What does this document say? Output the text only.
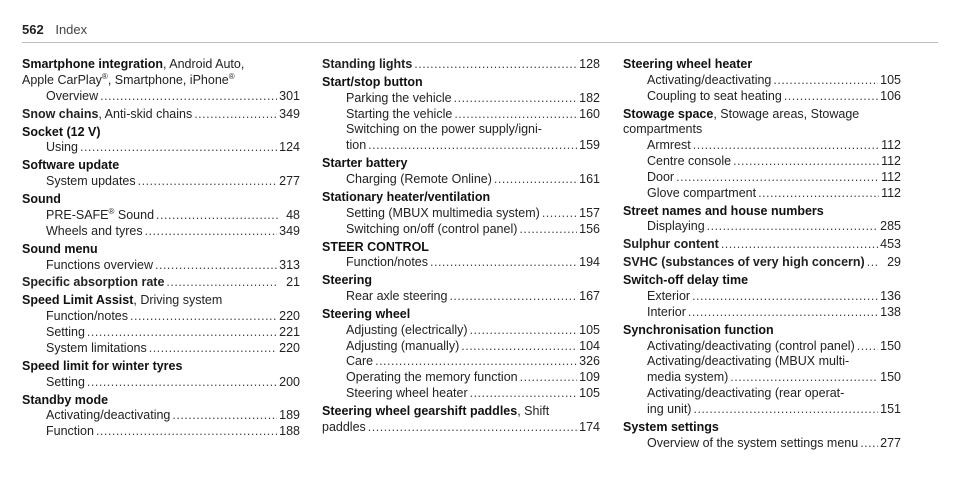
562 Index
Smartphone integration, Android Auto,
Apple CarPlay®, Smartphone, iPhone®
Overview .....	301
Snow chains, Anti-skid chains .....	349
Socket (12 V)
Using .....	124
Software update
System updates .....	277
Sound
PRE-SAFE® Sound .....	48
Wheels and tyres .....	349
Sound menu
Functions overview .....	313
Specific absorption rate .....	21
Speed Limit Assist, Driving system
Function/notes .....	220
Setting .....	221
System limitations .....	220
Speed limit for winter tyres
Setting .....	200
Standby mode
Activating/deactivating .....	189
Function .....	188
Standing lights .....	128
Start/stop button
Parking the vehicle .....	182
Starting the vehicle .....	160
Switching on the power supply/igni-
tion .....	159
Starter battery
Charging (Remote Online) .....	161
Stationary heater/ventilation
Setting (MBUX multimedia system) .....	157
Switching on/off (control panel) .....	156
STEER CONTROL
Function/notes .....	194
Steering
Rear axle steering .....	167
Steering wheel
Adjusting (electrically) .....	105
Adjusting (manually) .....	104
Care .....	326
Operating the memory function .....	109
Steering wheel heater .....	105
Steering wheel gearshift paddles, Shift
paddles .....	174
Steering wheel heater
Activating/deactivating .....	105
Coupling to seat heating .....	106
Stowage space, Stowage areas, Stowage
compartments
Armrest .....	112
Centre console .....	112
Door .....	112
Glove compartment .....	112
Street names and house numbers
Displaying .....	285
Sulphur content .....	453
SVHC (substances of very high concern) .....	29
Switch-off delay time
Exterior .....	136
Interior .....	138
Synchronisation function
Activating/deactivating (control panel) ..... 150
Activating/deactivating (MBUX multi-
media system) .....	150
Activating/deactivating (rear operat-
ing unit) .....	151
System settings
Overview of the system settings menu ..... 277
